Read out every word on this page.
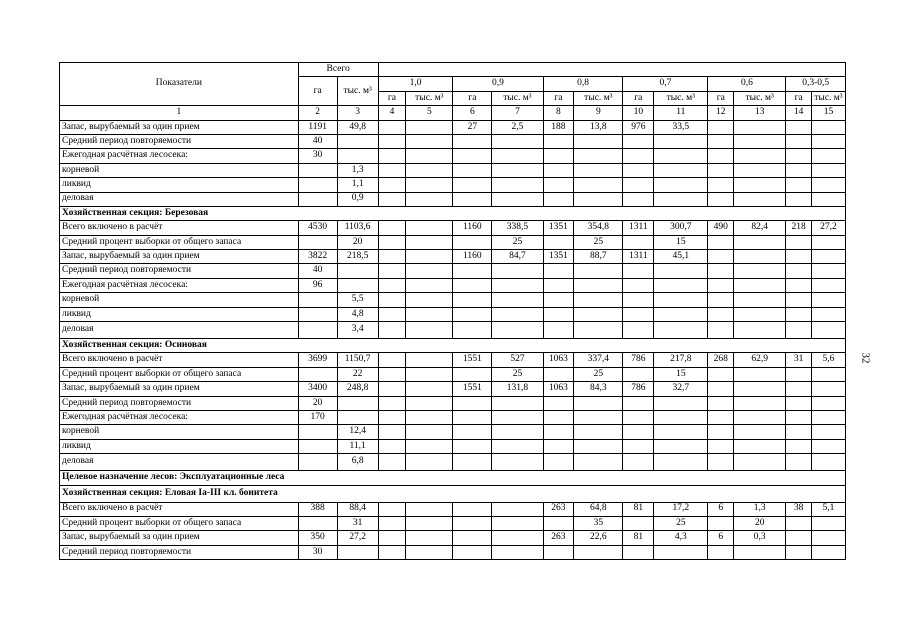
Показатели	Всего													
	га	тыс. м³	1,0		0,9		0,8		0,7		0,6		0,3-0,5	
			га	тыс. м³	га	тыс. м³	га	тыс. м³	га	тыс. м³	га	тыс. м³	га	тыс. м³
1	2	3	4	5	6	7	8	9	10	11	12	13	14	15
Запас, вырубаемый за один прием	1191	49,8			27	2,5	188	13,8	976	33,5				
Средний период повторяемости	40													
Ежегодная расчётная лесосека:	30													
корневой		1,3												
ликвид		1,1												
деловая		0,9												
Хозяйственная секция: Березовая														
Всего включено в расчёт	4530	1103,6			1160	338,5	1351	354,8	1311	300,7	490	82,4	218	27,2
Средний процент выборки от общего запаса		20				25		25		15				
Запас, вырубаемый за один прием	3822	218,5			1160	84,7	1351	88,7	1311	45,1				
Средний период повторяемости	40													
Ежегодная расчётная лесосека:	96													
корневой		5,5												
ликвид		4,8												
деловая		3,4												
Хозяйственная секция: Осиновая														
Всего включено в расчёт	3699	1150,7			1551	527	1063	337,4	786	217,8	268	62,9	31	5,6
Средний процент выборки от общего запаса		22				25		25		15				
Запас, вырубаемый за один прием	3400	248,8			1551	131,8	1063	84,3	786	32,7				
Средний период повторяемости	20													
Ежегодная расчётная лесосека:	170													
корневой		12,4												
ликвид		11,1												
деловая		6,8												
Целевое назначение лесов: Эксплуатационные леса														
Хозяйственная секция: Еловая Iа-III кл. бонитета														
Всего включено в расчёт	388	88,4					263	64,8	81	17,2	6	1,3	38	5,1
Средний процент выборки от общего запаса		31						35		25		20		
Запас, вырубаемый за один прием	350	27,2					263	22,6	81	4,3	6	0,3		
Средний период повторяемости	30													
32
